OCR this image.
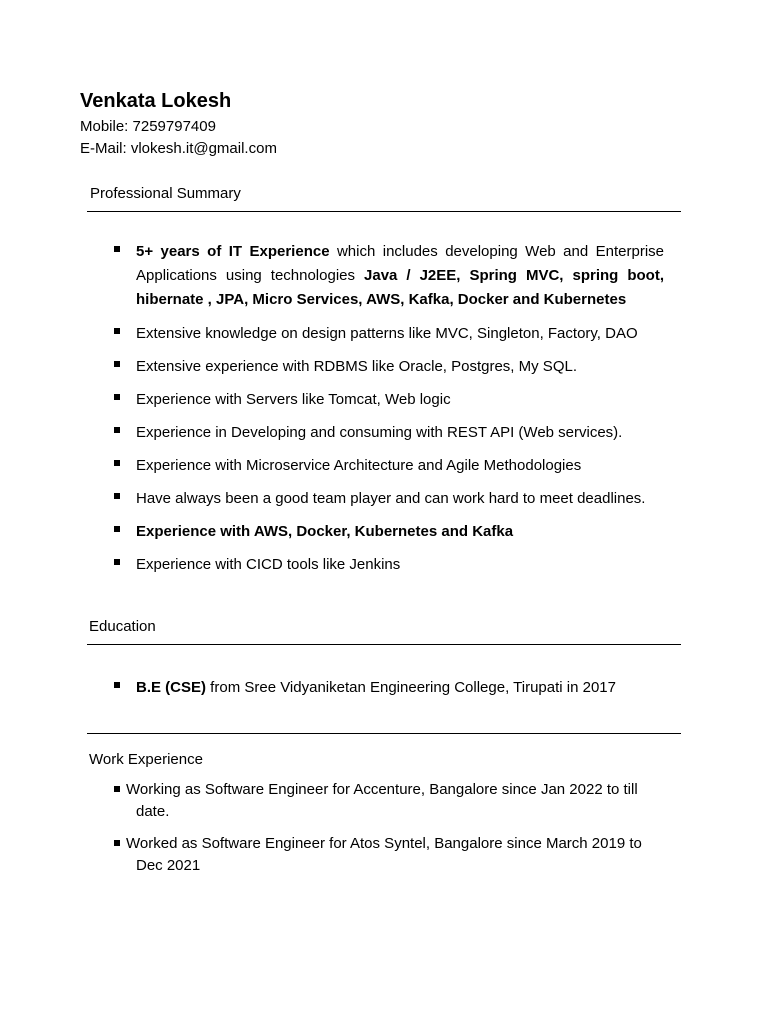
Venkata Lokesh
Mobile: 7259797409
E-Mail: vlokesh.it@gmail.com
Professional Summary
5+ years of IT Experience which includes developing Web and Enterprise Applications using technologies Java / J2EE, Spring MVC, spring boot, hibernate , JPA, Micro Services, AWS, Kafka, Docker and Kubernetes
Extensive knowledge on design patterns like MVC, Singleton, Factory, DAO
Extensive experience with RDBMS like Oracle, Postgres, My SQL.
Experience with Servers like Tomcat, Web logic
Experience in Developing and consuming with REST API (Web services).
Experience with Microservice Architecture and Agile Methodologies
Have always been a good team player and can work hard to meet deadlines.
Experience with AWS, Docker, Kubernetes and Kafka
Experience with CICD tools like Jenkins
Education
B.E (CSE) from Sree Vidyaniketan Engineering College, Tirupati in 2017
Work Experience
Working as Software Engineer for Accenture, Bangalore since Jan 2022 to till
date.
Worked as Software Engineer for Atos Syntel, Bangalore since March 2019 to
Dec 2021
